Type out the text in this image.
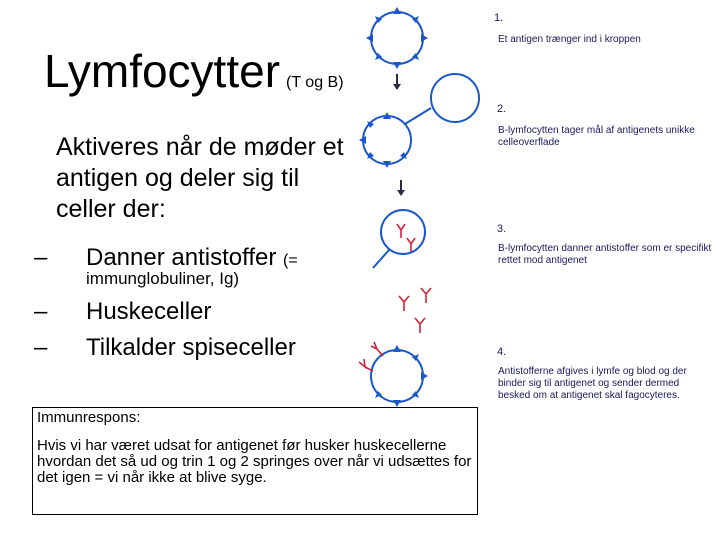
Lymfocytter (T og B)
Aktiveres når de møder et antigen og deler sig til celler der:
– Danner antistoffer (=
immunglobuliner, Ig)
– Huskeceller
– Tilkalder spiseceller
1.
Et antigen trænger ind i kroppen
2.
B-lymfocytten tager mål af antigenets unikke celleoverflade
3.
B-lymfocytten danner antistoffer som er specifikt rettet mod antigenet
4.
Antistofferne afgives i lymfe og blod og der binder sig til antigenet og sender dermed besked om at antigenet skal fagocyteres.
Immunrespons:
Hvis vi har været udsat for antigenet før husker huskecellerne hvordan det så ud og trin 1 og 2 springes over når vi udsættes for det igen = vi når ikke at blive syge.
